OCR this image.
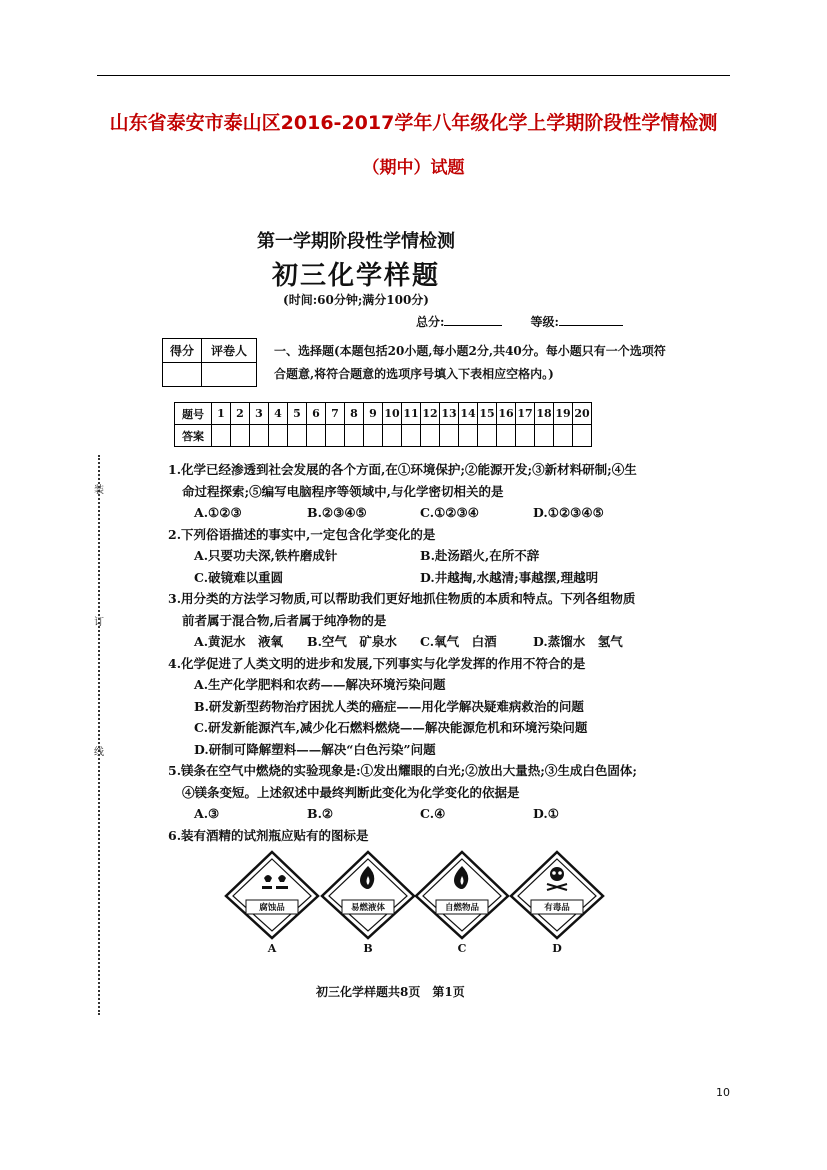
山东省泰安市泰山区2016-2017学年八年级化学上学期阶段性学情检测
（期中）试题
装
订
线
第一学期阶段性学情检测
初三化学样题
(时间:60分钟;满分100分)
总分:	等级:
得分	评卷人
	一、选择题(本题包括20小题,每小题2分,共40分。每小题只有一个选项符合题意,将符合题意的选项序号填入下表相应空格内。)
题号	1	2	3	4	5	6	7	8	9	10	11	12	13	14	15	16	17	18	19	20
答案																				
1.化学已经渗透到社会发展的各个方面,在①环境保护;②能源开发;③新材料研制;④生
命过程探索;⑤编写电脑程序等领域中,与化学密切相关的是
A.①②③	B.②③④⑤	C.①②③④	D.①②③④⑤
2.下列俗语描述的事实中,一定包含化学变化的是
A.只要功夫深,铁杵磨成针	B.赴汤蹈火,在所不辞
C.破镜难以重圆	D.井越掏,水越清;事越摆,理越明
3.用分类的方法学习物质,可以帮助我们更好地抓住物质的本质和特点。下列各组物质
前者属于混合物,后者属于纯净物的是
A.黄泥水　液氧	B.空气　矿泉水	C.氧气　白酒	D.蒸馏水　氢气
4.化学促进了人类文明的进步和发展,下列事实与化学发挥的作用不符合的是
A.生产化学肥料和农药——解决环境污染问题
B.研发新型药物治疗困扰人类的癌症——用化学解决疑难病救治的问题
C.研发新能源汽车,减少化石燃料燃烧——解决能源危机和环境污染问题
D.研制可降解塑料——解决“白色污染”问题
5.镁条在空气中燃烧的实验现象是:①发出耀眼的白光;②放出大量热;③生成白色固体;
④镁条变短。上述叙述中最终判断此变化为化学变化的依据是
A.③	B.②	C.④	D.①
6.装有酒精的试剂瓶应贴有的图标是
腐蚀品
A
易燃液体
B
自燃物品
C
有毒品
D
初三化学样题共8页　第1页
10
